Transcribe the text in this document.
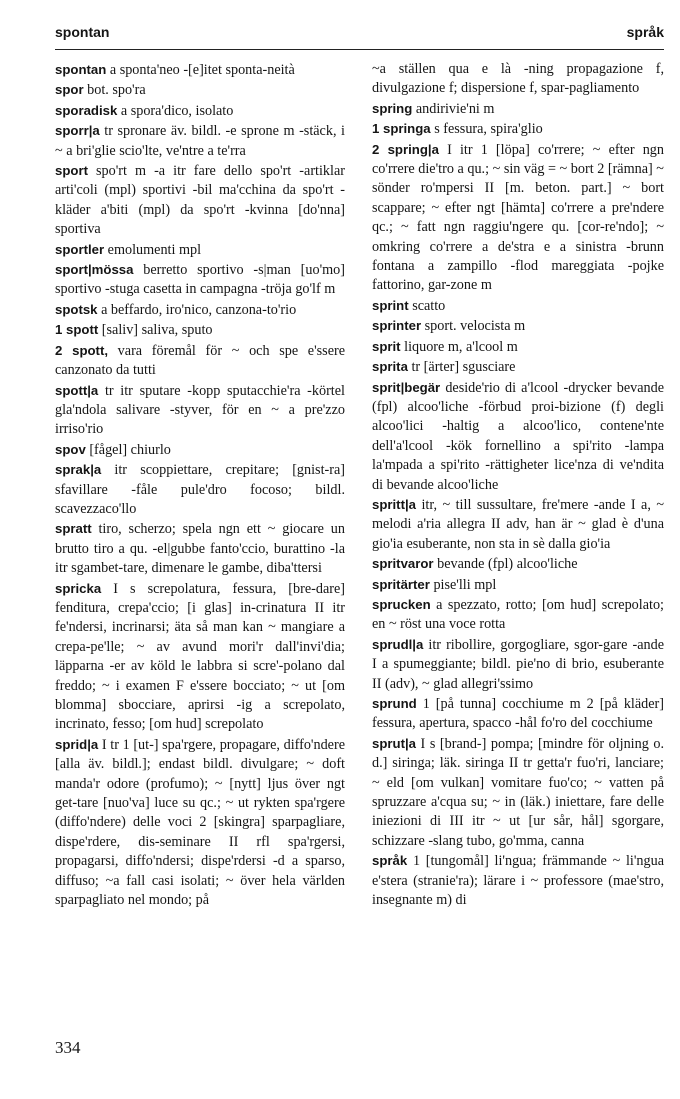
spontan	språk

spontan a sponta'neo -[e]itet sponta-neità

spor bot. spo'ra

sporadisk a spora'dico, isolato

sporr|a tr spronare äv. bildl. -e sprone m -stäck, i ~ a bri'glie scio'lte, ve'ntre a te'rra

sport spo'rt m -a itr fare dello spo'rt -artiklar arti'coli (mpl) sportivi -bil ma'cchina da spo'rt -kläder a'biti (mpl) da spo'rt -kvinna [do'nna] sportiva

sportler emolumenti mpl

sport|mössa berretto sportivo -s|man [uo'mo] sportivo -stuga casetta in campagna -tröja go'lf m

spotsk a beffardo, iro'nico, canzona-to'rio

1 spott [saliv] saliva, sputo

2 spott, vara föremål för ~ och spe e'ssere canzonato da tutti

spott|a tr itr sputare -kopp sputacchie'ra -körtel gla'ndola salivare -styver, för en ~ a pre'zzo irriso'rio

spov [fågel] chiurlo

sprak|a itr scoppiettare, crepitare; [gnist-ra] sfavillare -fåle pule'dro focoso; bildl. scavezzaco'llo

spratt tiro, scherzo; spela ngn ett ~ giocare un brutto tiro a qu. -el|gubbe fanto'ccio, burattino -la itr sgambet-tare, dimenare le gambe, diba'ttersi

spricka I s screpolatura, fessura, [bre-dare] fenditura, crepa'ccio; [i glas] in-crinatura II itr fe'ndersi, incrinarsi; äta så man kan ~ mangiare a crepa-pe'lle; ~ av avund mori'r dall'invi'dia; läpparna -er av köld le labbra si scre'-polano dal freddo; ~ i examen F e'ssere bocciato; ~ ut [om blomma] sbocciare, aprirsi -ig a screpolato, incrinato, fesso; [om hud] screpolato

sprid|a I tr 1 [ut-] spa'rgere, propagare, diffo'ndere [alla äv. bildl.]; endast bildl. divulgare; ~ doft manda'r odore (profumo); ~ [nytt] ljus över ngt get-tare [nuo'va] luce su qc.; ~ ut rykten spa'rgere (diffo'ndere) delle voci 2 [skingra] sparpagliare, dispe'rdere, dis-seminare II rfl spa'rgersi, propagarsi, diffo'ndersi; dispe'rdersi -d a sparso, diffuso; ~a fall casi isolati; ~ över hela världen sparpagliato nel mondo; på

~a ställen qua e là -ning propagazione f, divulgazione f; dispersione f, spar-pagliamento

spring andirivie'ni m

1 springa s fessura, spira'glio

2 spring|a I itr 1 [löpa] co'rrere; ~ efter ngn co'rrere die'tro a qu.; ~ sin väg = ~ bort 2 [rämna] ~ sönder ro'mpersi II [m. beton. part.] ~ bort scappare; ~ efter ngt [hämta] co'rrere a pre'ndere qc.; ~ fatt ngn raggiu'ngere qu. [cor-re'ndo]; ~ omkring co'rrere a de'stra e a sinistra -brunn fontana a zampillo -flod mareggiata -pojke fattorino, gar-zone m

sprint scatto

sprinter sport. velocista m

sprit liquore m, a'lcool m

sprita tr [ärter] sgusciare

sprit|begär deside'rio di a'lcool -drycker bevande (fpl) alcoo'liche -förbud proi-bizione (f) degli alcoo'lici -haltig a alcoo'lico, contene'nte dell'a'lcool -kök fornellino a spi'rito -lampa la'mpada a spi'rito -rättigheter lice'nza di ve'ndita di bevande alcoo'liche

spritt|a itr, ~ till sussultare, fre'mere -ande I a, ~ melodi a'ria allegra II adv, han är ~ glad è d'una gio'ia esuberante, non sta in sè dalla gio'ia

spritvaror bevande (fpl) alcoo'liche

spritärter pise'lli mpl

sprucken a spezzato, rotto; [om hud] screpolato; en ~ röst una voce rotta

sprudl|a itr ribollire, gorgogliare, sgor-gare -ande I a spumeggiante; bildl. pie'no di brio, esuberante II (adv), ~ glad allegri'ssimo

sprund 1 [på tunna] cocchiume m 2 [på kläder] fessura, apertura, spacco -hål fo'ro del cocchiume

sprut|a I s [brand-] pompa; [mindre för oljning o. d.] siringa; läk. siringa II tr getta'r fuo'ri, lanciare; ~ eld [om vulkan] vomitare fuo'co; ~ vatten på spruzzare a'cqua su; ~ in (läk.) iniettare, fare delle iniezioni di III itr ~ ut [ur sår, hål] sgorgare, schizzare -slang tubo, go'mma, canna

språk 1 [tungomål] li'ngua; främmande ~ li'ngua e'stera (stranie'ra); lärare i ~ professore (mae'stro, insegnante m) di

334
